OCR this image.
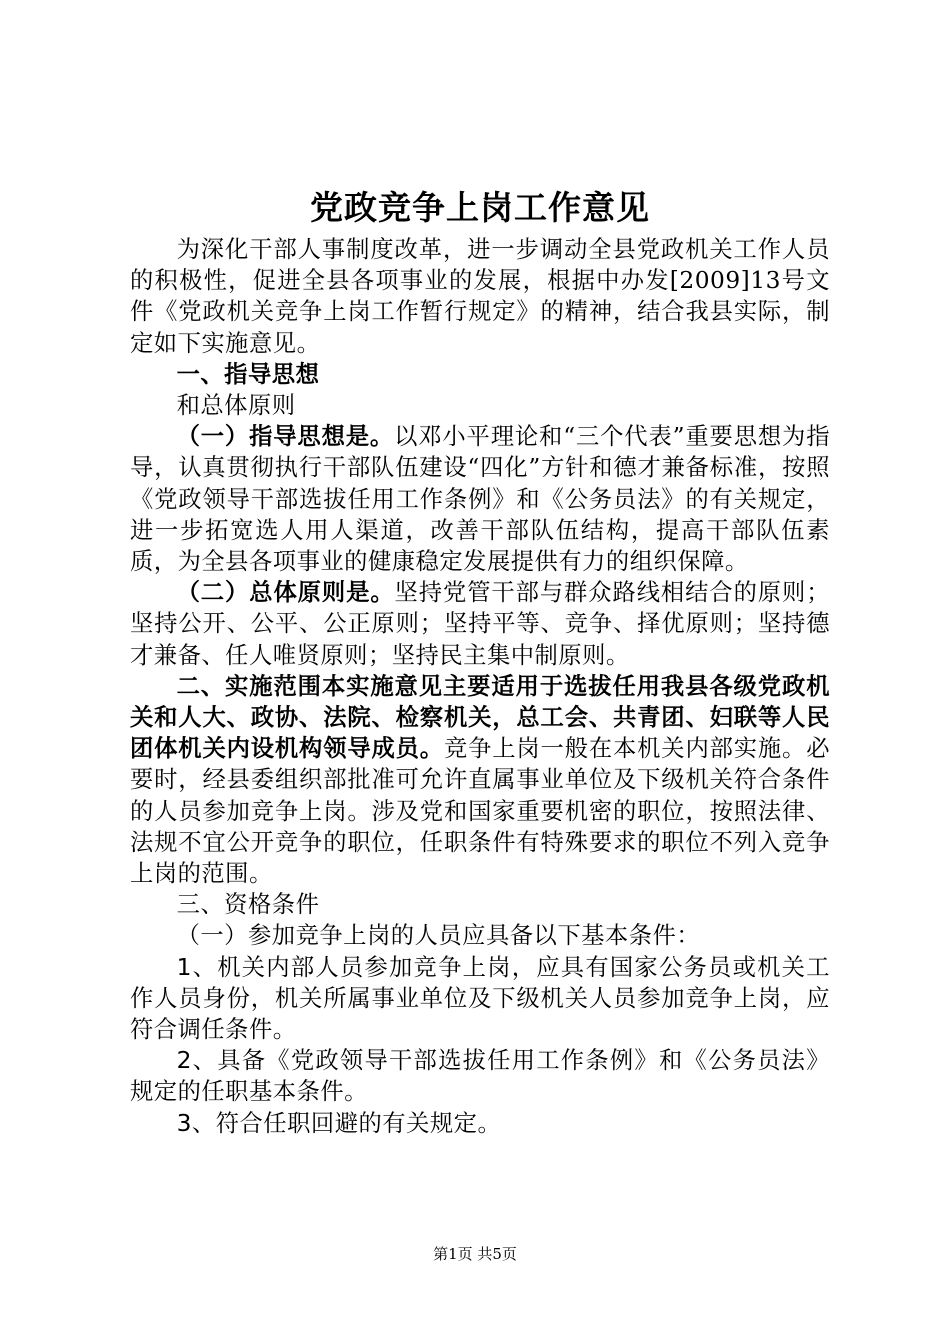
党政竞争上岗工作意见

为深化干部人事制度改革，进一步调动全县党政机关工作人员的积极性，促进全县各项事业的发展，根据中办发[2009]13号文件《党政机关竞争上岗工作暂行规定》的精神，结合我县实际，制定如下实施意见。

一、指导思想

和总体原则

（一）指导思想是。以邓小平理论和“三个代表”重要思想为指导，认真贯彻执行干部队伍建设“四化”方针和德才兼备标准，按照《党政领导干部选拔任用工作条例》和《公务员法》的有关规定，进一步拓宽选人用人渠道，改善干部队伍结构，提高干部队伍素质，为全县各项事业的健康稳定发展提供有力的组织保障。

（二）总体原则是。坚持党管干部与群众路线相结合的原则；坚持公开、公平、公正原则；坚持平等、竞争、择优原则；坚持德才兼备、任人唯贤原则；坚持民主集中制原则。

二、实施范围本实施意见主要适用于选拔任用我县各级党政机关和人大、政协、法院、检察机关，总工会、共青团、妇联等人民团体机关内设机构领导成员。竞争上岗一般在本机关内部实施。必要时，经县委组织部批准可允许直属事业单位及下级机关符合条件的人员参加竞争上岗。涉及党和国家重要机密的职位，按照法律、法规不宜公开竞争的职位，任职条件有特殊要求的职位不列入竞争上岗的范围。

三、资格条件

（一）参加竞争上岗的人员应具备以下基本条件：

1、机关内部人员参加竞争上岗，应具有国家公务员或机关工作人员身份，机关所属事业单位及下级机关人员参加竞争上岗，应符合调任条件。

2、具备《党政领导干部选拔任用工作条例》和《公务员法》规定的任职基本条件。

3、符合任职回避的有关规定。

第1页 共5页
